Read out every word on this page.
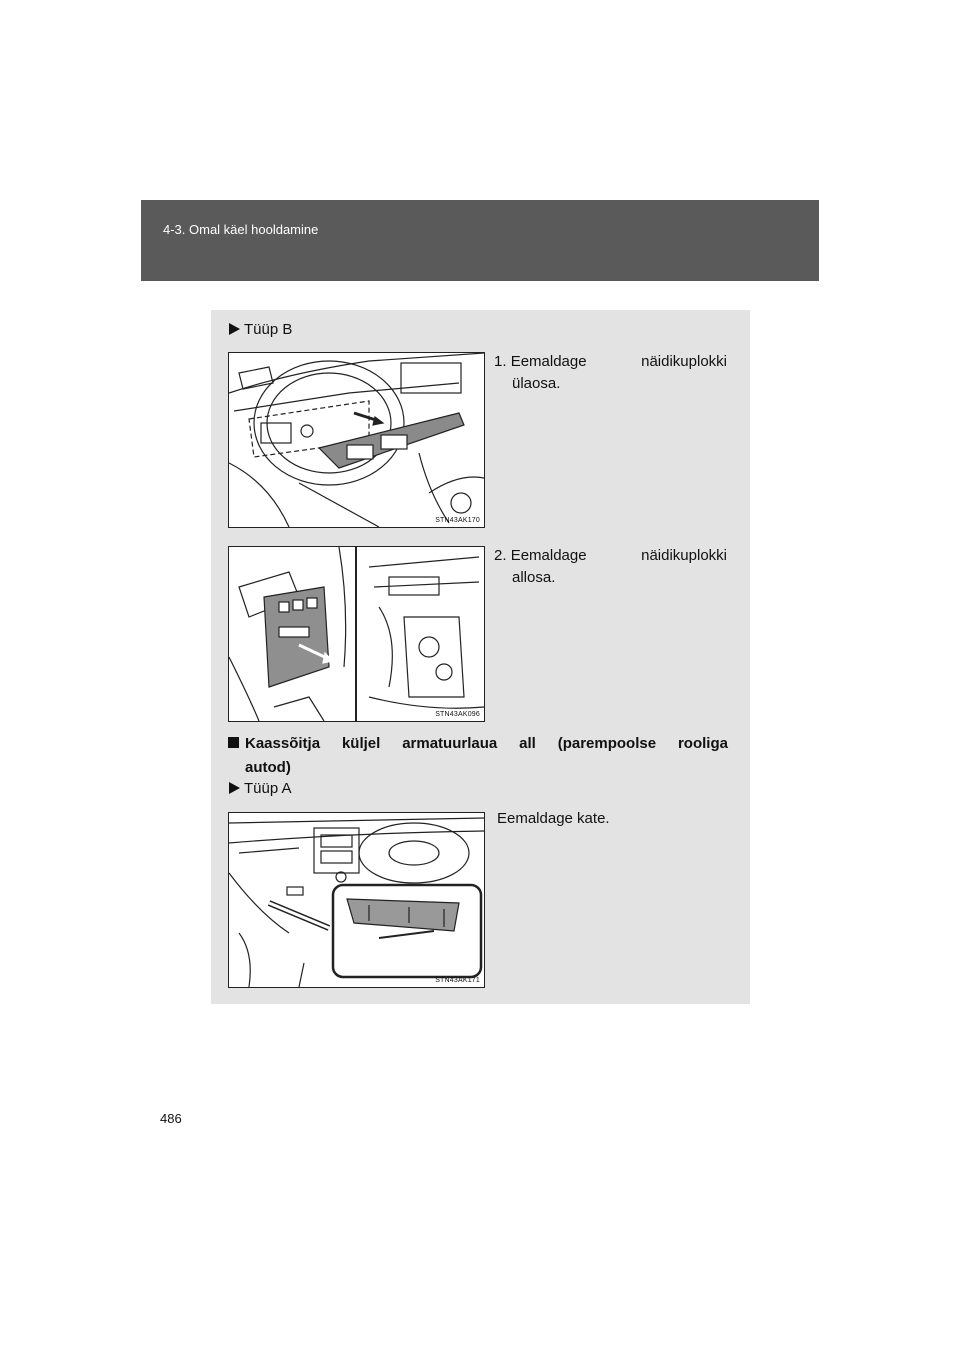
4-3. Omal käel hooldamine
Tüüp B
STN43AK170
1. Eemaldage	näidikuplokki
ülaosa.
STN43AK096
2. Eemaldage	näidikuplokki
allosa.
Kaassõitja küljel armatuurlaua all (parempoolse rooliga
autod)
Tüüp A
STN43AK171
Eemaldage kate.
486
